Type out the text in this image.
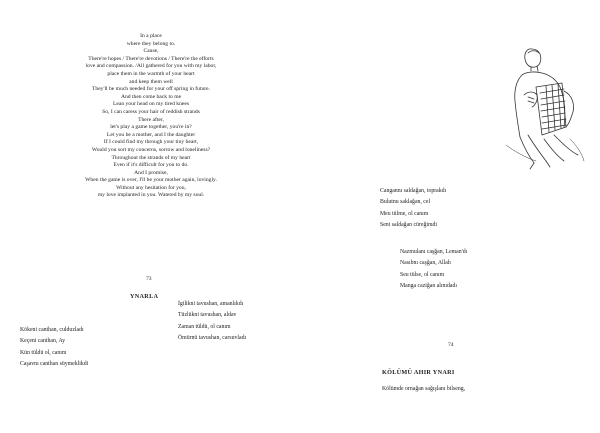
In a place
where they belong to.
Cause,
There're hopes / There're devotions / There're the efforts
love and compassion. /All gathered for you with my labor,
place them in the warmth of your heart
and keep them well
They'll be much needed for your off spring in future.
And then come back to me
Lean your head on my tired knees
So, I can caress your hair of reddish strands
There after,
let's play a game together, you're in?
Let you be a mother, and I the daughter
If I could find my through your tiny heart,
Would you sort my concerns, sorrow and loneliness?
Throughout the strands of my heart
Even if it's difficult for you to do.
And I promise,
When the game is over, I'll be your mother again, lovingly.
Without any hesitation for you,
my love implanted in you. Watered by my soul.
73
YNARLA
Kökeni canthan, culduzladı
Keçeni canthan, Ay
Kün tüldü ol, canım
Caşavnı canthan süymeklikdi
İgilikni tavushan, amanlıkdı
Tüzlükni tavushan, aldav
Zaman tüldü, ol canım
Ömürnü tavushan, carsuvladı
Cangannı saldağan, toprakdı
Bulutnu saklağan, cel
Meu tülme, ol canım
Seni saldağan cüreğimdi
Nazmulanı caşğan, Leman'dı
Nasıbnı caşğan, Allah
Seu tülse, ol canım
Manga caziğan alınıdadı
74
KÖLÜMÜ AHIR YNARI
Kölümde ornağan sağışlanı bilseng,
